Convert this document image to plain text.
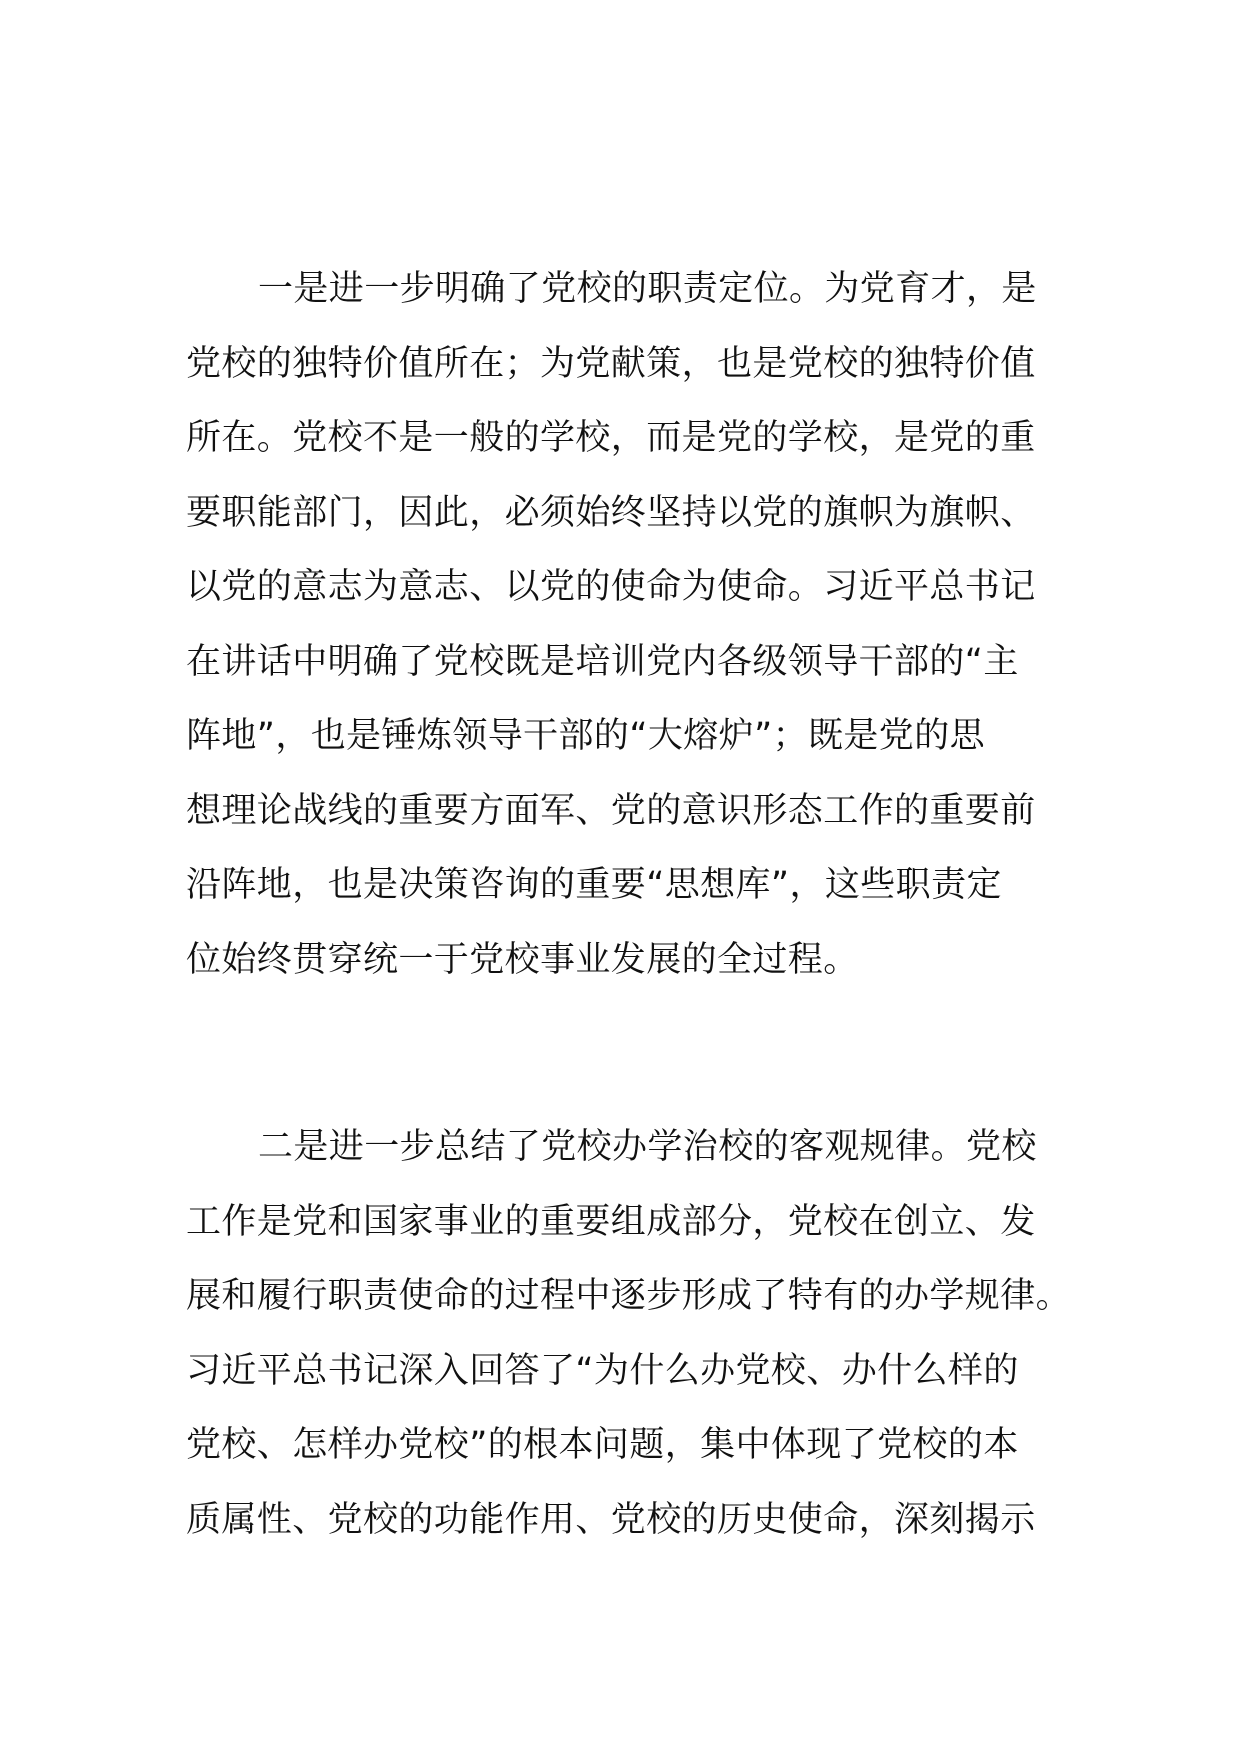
一是进一步明确了党校的职责定位。为党育才，是
党校的独特价值所在；为党献策，也是党校的独特价值
所在。党校不是一般的学校，而是党的学校，是党的重
要职能部门，因此，必须始终坚持以党的旗帜为旗帜、
以党的意志为意志、以党的使命为使命。习近平总书记
在讲话中明确了党校既是培训党内各级领导干部的“主
阵地”，也是锤炼领导干部的“大熔炉”；既是党的思
想理论战线的重要方面军、党的意识形态工作的重要前
沿阵地，也是决策咨询的重要“思想库”，这些职责定
位始终贯穿统一于党校事业发展的全过程。
二是进一步总结了党校办学治校的客观规律。党校
工作是党和国家事业的重要组成部分，党校在创立、发
展和履行职责使命的过程中逐步形成了特有的办学规律。
习近平总书记深入回答了“为什么办党校、办什么样的
党校、怎样办党校”的根本问题，集中体现了党校的本
质属性、党校的功能作用、党校的历史使命，深刻揭示
